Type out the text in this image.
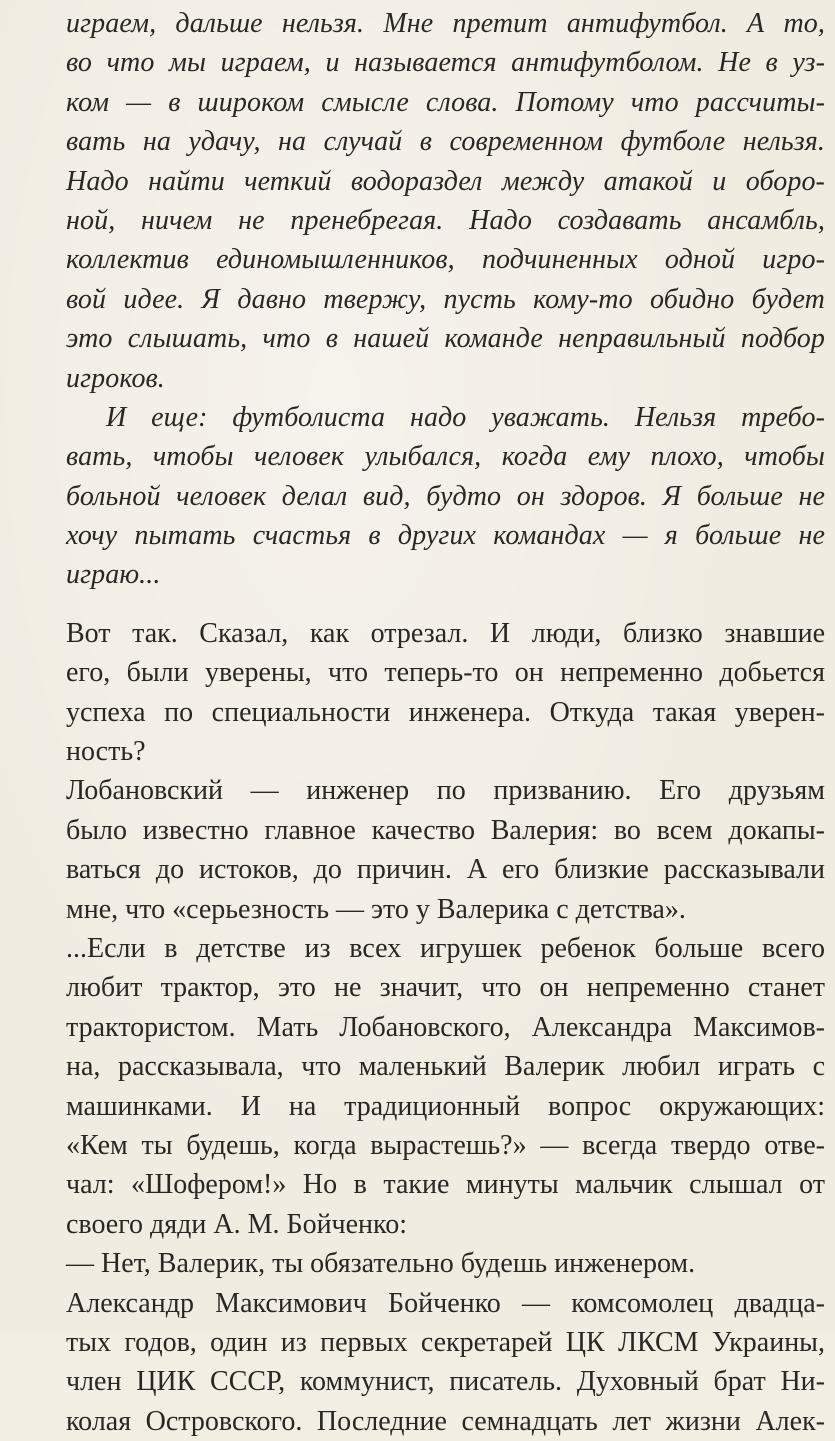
играем, дальше нельзя. Мне претит антифутбол. А то,
во что мы играем, и называется антифутболом. Не в уз-
ком — в широком смысле слова. Потому что рассчиты-
вать на удачу, на случай в современном футболе нельзя.
Надо найти четкий водораздел между атакой и оборо-
ной, ничем не пренебрегая. Надо создавать ансамбль,
коллектив единомышленников, подчиненных одной игро-
вой идее. Я давно твержу, пусть кому-то обидно будет
это слышать, что в нашей команде неправильный подбор
игроков.
И еще: футболиста надо уважать. Нельзя требо-
вать, чтобы человек улыбался, когда ему плохо, чтобы
больной человек делал вид, будто он здоров. Я больше не
хочу пытать счастья в других командах — я больше не
играю...
Вот так. Сказал, как отрезал. И люди, близко знавшие
его, были уверены, что теперь-то он непременно добьется
успеха по специальности инженера. Откуда такая уверен-
ность?
Лобановский — инженер по призванию. Его друзьям
было известно главное качество Валерия: во всем докапы-
ваться до истоков, до причин. А его близкие рассказывали
мне, что «серьезность — это у Валерика с детства».
...Если в детстве из всех игрушек ребенок больше всего
любит трактор, это не значит, что он непременно станет
трактористом. Мать Лобановского, Александра Максимов-
на, рассказывала, что маленький Валерик любил играть с
машинками. И на традиционный вопрос окружающих:
«Кем ты будешь, когда вырастешь?» — всегда твердо отве-
чал: «Шофером!» Но в такие минуты мальчик слышал от
своего дяди А. М. Бойченко:
— Нет, Валерик, ты обязательно будешь инженером.
Александр Максимович Бойченко — комсомолец двадца-
тых годов, один из первых секретарей ЦК ЛКСМ Украины,
член ЦИК СССР, коммунист, писатель. Духовный брат Ни-
колая Островского. Последние семнадцать лет жизни Алек-
